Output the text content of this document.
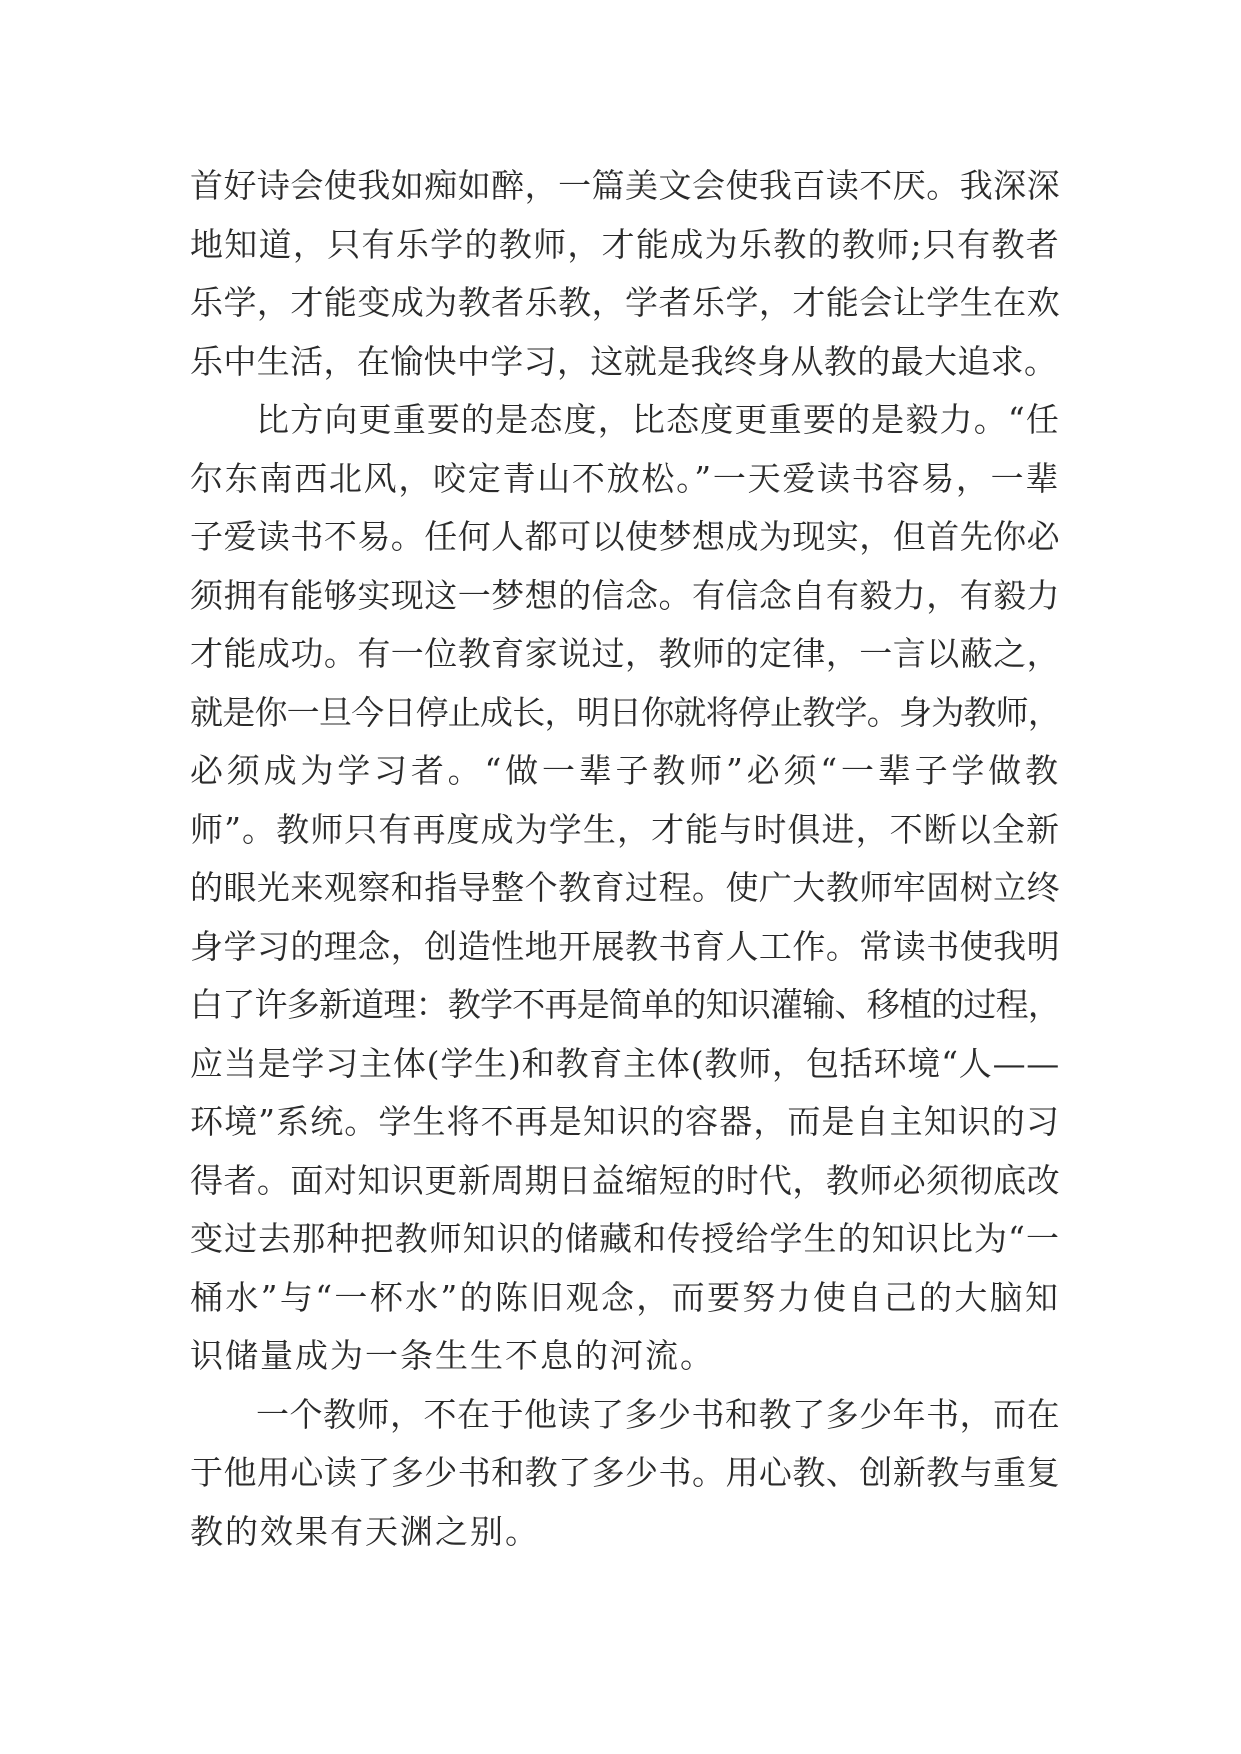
首好诗会使我如痴如醉，一篇美文会使我百读不厌。我深深
地知道，只有乐学的教师，才能成为乐教的教师;只有教者
乐学，才能变成为教者乐教，学者乐学，才能会让学生在欢
乐中生活，在愉快中学习，这就是我终身从教的最大追求。
比方向更重要的是态度，比态度更重要的是毅力。“任
尔东南西北风，咬定青山不放松。”一天爱读书容易，一辈
子爱读书不易。任何人都可以使梦想成为现实，但首先你必
须拥有能够实现这一梦想的信念。有信念自有毅力，有毅力
才能成功。有一位教育家说过，教师的定律，一言以蔽之，
就是你一旦今日停止成长，明日你就将停止教学。身为教师，
必须成为学习者。“做一辈子教师”必须“一辈子学做教
师”。教师只有再度成为学生，才能与时俱进，不断以全新
的眼光来观察和指导整个教育过程。使广大教师牢固树立终
身学习的理念，创造性地开展教书育人工作。常读书使我明
白了许多新道理：教学不再是简单的知识灌输、移植的过程，
应当是学习主体(学生)和教育主体(教师，包括环境“人——
环境”系统。学生将不再是知识的容器，而是自主知识的习
得者。面对知识更新周期日益缩短的时代，教师必须彻底改
变过去那种把教师知识的储藏和传授给学生的知识比为“一
桶水”与“一杯水”的陈旧观念，而要努力使自己的大脑知
识储量成为一条生生不息的河流。
一个教师，不在于他读了多少书和教了多少年书，而在
于他用心读了多少书和教了多少书。用心教、创新教与重复
教的效果有天渊之别。
